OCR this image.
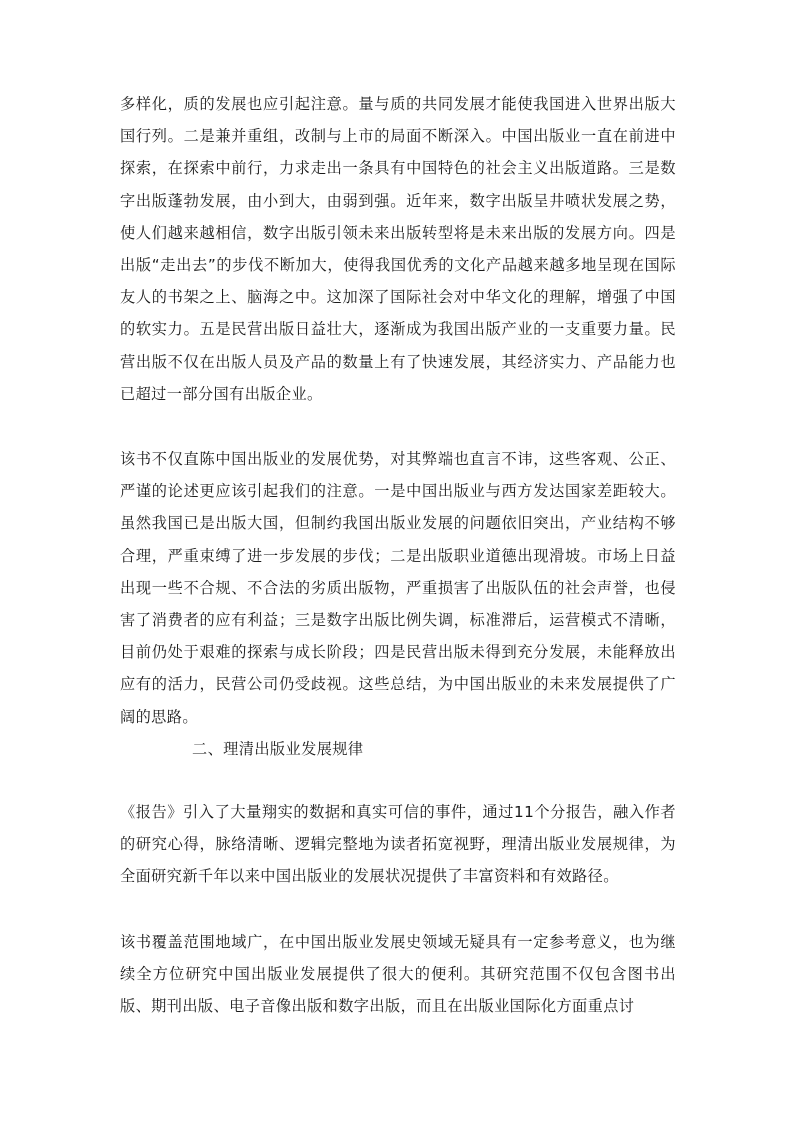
多样化，质的发展也应引起注意。量与质的共同发展才能使我国进入世界出版大国行列。二是兼并重组，改制与上市的局面不断深入。中国出版业一直在前进中探索，在探索中前行，力求走出一条具有中国特色的社会主义出版道路。三是数字出版蓬勃发展，由小到大，由弱到强。近年来，数字出版呈井喷状发展之势，使人们越来越相信，数字出版引领未来出版转型将是未来出版的发展方向。四是出版“走出去”的步伐不断加大，使得我国优秀的文化产品越来越多地呈现在国际友人的书架之上、脑海之中。这加深了国际社会对中华文化的理解，增强了中国的软实力。五是民营出版日益壮大，逐渐成为我国出版产业的一支重要力量。民营出版不仅在出版人员及产品的数量上有了快速发展，其经济实力、产品能力也已超过一部分国有出版企业。

该书不仅直陈中国出版业的发展优势，对其弊端也直言不讳，这些客观、公正、严谨的论述更应该引起我们的注意。一是中国出版业与西方发达国家差距较大。虽然我国已是出版大国，但制约我国出版业发展的问题依旧突出，产业结构不够合理，严重束缚了进一步发展的步伐；二是出版职业道德出现滑坡。市场上日益出现一些不合规、不合法的劣质出版物，严重损害了出版队伍的社会声誉，也侵害了消费者的应有利益；三是数字出版比例失调，标准滞后，运营模式不清晰，目前仍处于艰难的探索与成长阶段；四是民营出版未得到充分发展，未能释放出应有的活力，民营公司仍受歧视。这些总结，为中国出版业的未来发展提供了广阔的思路。

二、理清出版业发展规律

《报告》引入了大量翔实的数据和真实可信的事件，通过11个分报告，融入作者的研究心得，脉络清晰、逻辑完整地为读者拓宽视野，理清出版业发展规律，为全面研究新千年以来中国出版业的发展状况提供了丰富资料和有效路径。

该书覆盖范围地域广，在中国出版业发展史领域无疑具有一定参考意义，也为继续全方位研究中国出版业发展提供了很大的便利。其研究范围不仅包含图书出版、期刊出版、电子音像出版和数字出版，而且在出版业国际化方面重点讨
